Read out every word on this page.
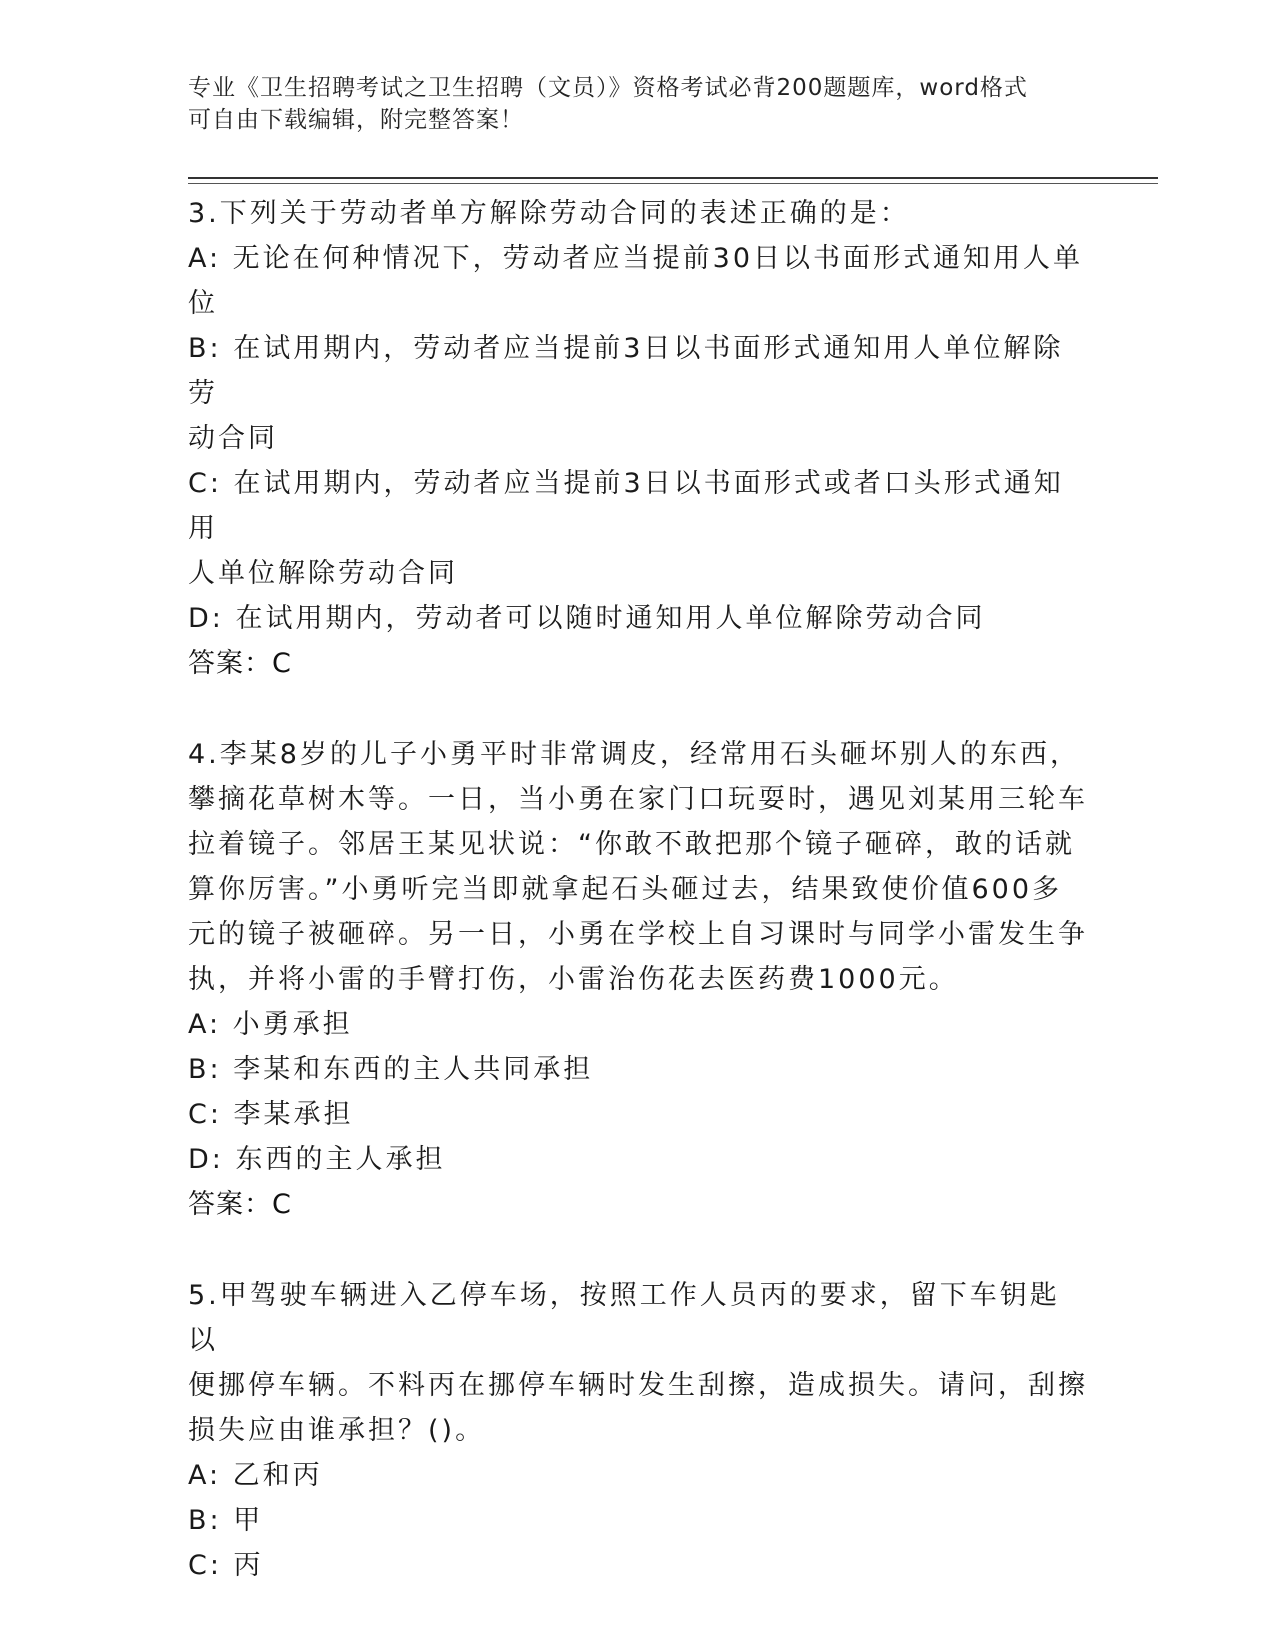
专业《卫生招聘考试之卫生招聘（文员）》资格考试必背200题题库，word格式
可自由下载编辑，附完整答案！

3.下列关于劳动者单方解除劳动合同的表述正确的是：

A: 无论在何种情况下，劳动者应当提前30日以书面形式通知用人单

位

B: 在试用期内，劳动者应当提前3日以书面形式通知用人单位解除劳

动合同

C: 在试用期内，劳动者应当提前3日以书面形式或者口头形式通知用

人单位解除劳动合同

D: 在试用期内，劳动者可以随时通知用人单位解除劳动合同

答案：C

4.李某8岁的儿子小勇平时非常调皮，经常用石头砸坏别人的东西，

攀摘花草树木等。一日，当小勇在家门口玩耍时，遇见刘某用三轮车

拉着镜子。邻居王某见状说：“你敢不敢把那个镜子砸碎，敢的话就

算你厉害。”小勇听完当即就拿起石头砸过去，结果致使价值600多

元的镜子被砸碎。另一日，小勇在学校上自习课时与同学小雷发生争

执，并将小雷的手臂打伤，小雷治伤花去医药费1000元。

A: 小勇承担

B: 李某和东西的主人共同承担

C: 李某承担

D: 东西的主人承担

答案：C

5.甲驾驶车辆进入乙停车场，按照工作人员丙的要求，留下车钥匙以

便挪停车辆。不料丙在挪停车辆时发生刮擦，造成损失。请问，刮擦

损失应由谁承担？()。

A: 乙和丙

B: 甲

C: 丙
